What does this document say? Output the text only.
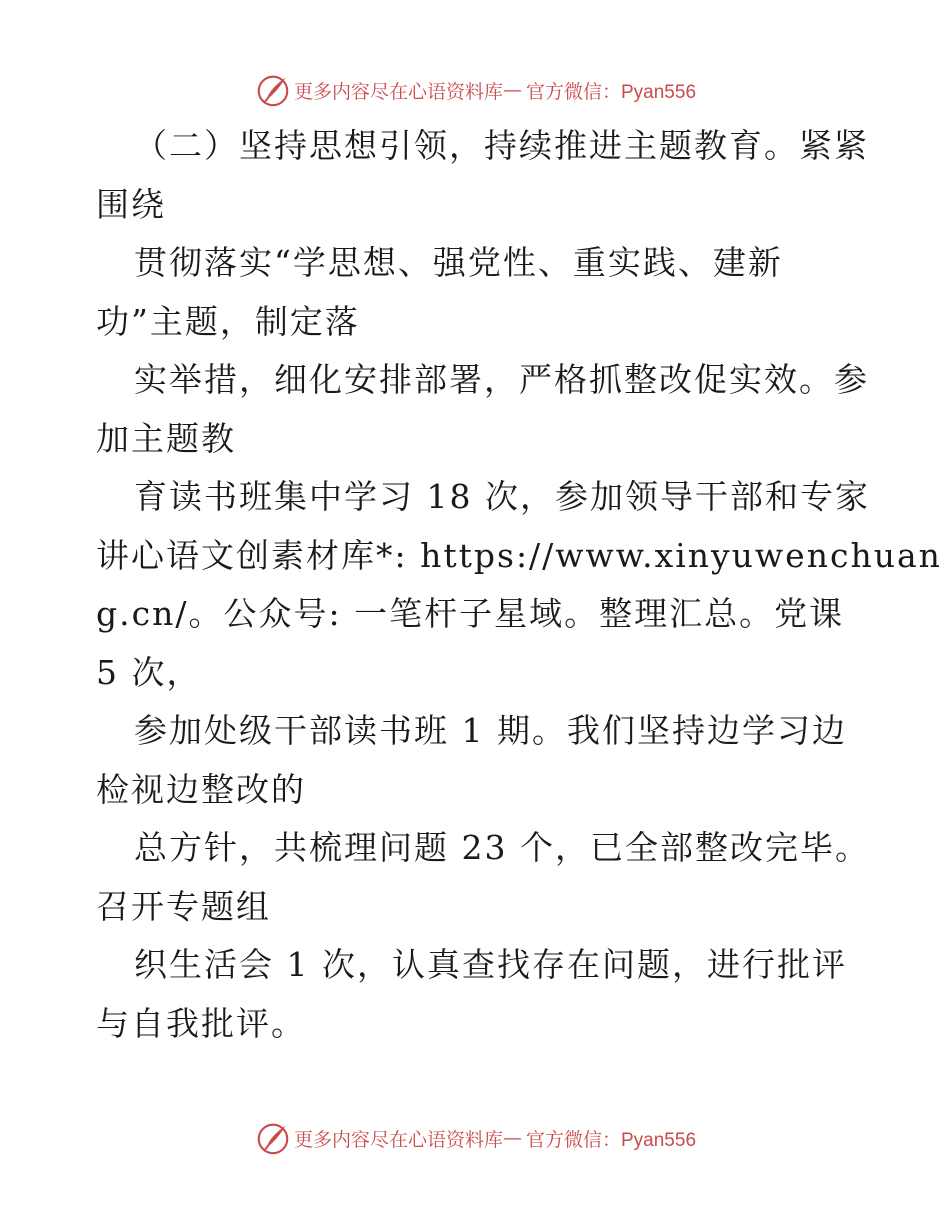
更多内容尽在心语资料库 — 官方微信：Pyan556
（二）坚持思想引领，持续推进主题教育。紧紧
围绕
贯彻落实“学思想、强党性、重实践、建新
功”主题，制定落
实举措，细化安排部署，严格抓整改促实效。参
加主题教
育读书班集中学习 18 次，参加领导干部和专家
讲心语文创素材库*: https://www.xinyuwenchuan
g.cn/。公众号: 一笔杆子星域。整理汇总。党课
5 次，
参加处级干部读书班 1 期。我们坚持边学习边
检视边整改的
总方针，共梳理问题 23 个，已全部整改完毕。
召开专题组
织生活会 1 次，认真查找存在问题，进行批评
与自我批评。
更多内容尽在心语资料库 — 官方微信：Pyan556
